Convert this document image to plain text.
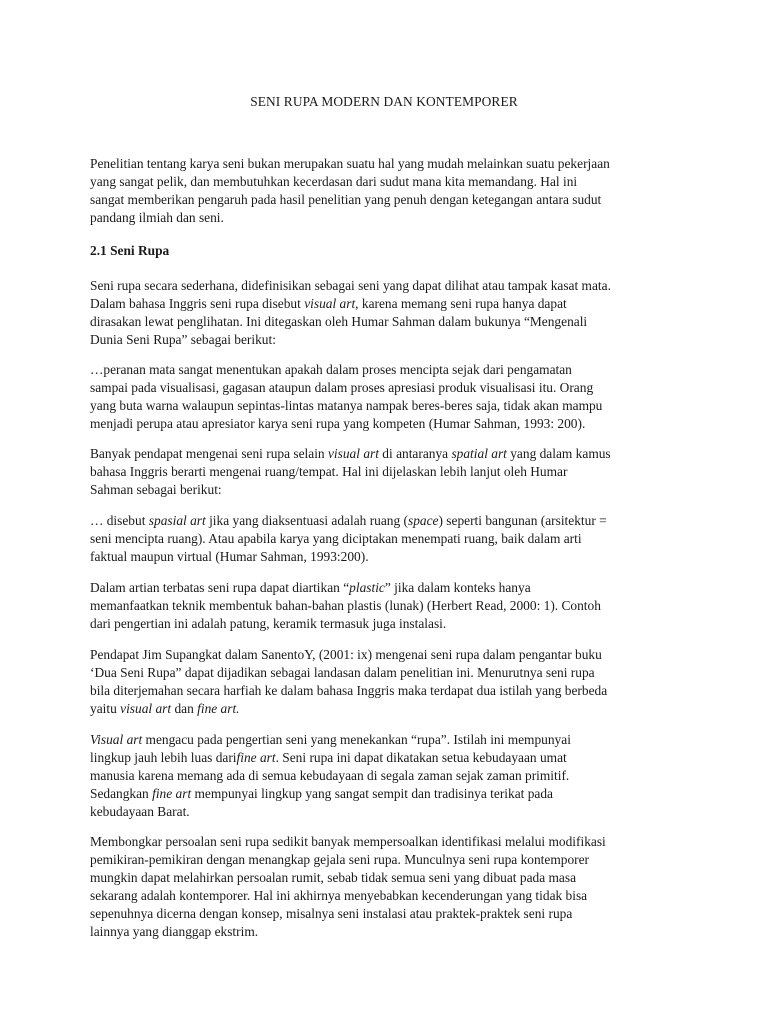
SENI RUPA MODERN DAN KONTEMPORER

Penelitian tentang karya seni bukan merupakan suatu hal yang mudah melainkan suatu pekerjaan
yang sangat pelik, dan membutuhkan kecerdasan dari sudut mana kita memandang. Hal ini
sangat memberikan pengaruh pada hasil penelitian yang penuh dengan ketegangan antara sudut
pandang ilmiah dan seni.

2.1 Seni Rupa

Seni rupa secara sederhana, didefinisikan sebagai seni yang dapat dilihat atau tampak kasat mata.
Dalam bahasa Inggris seni rupa disebut visual art, karena memang seni rupa hanya dapat
dirasakan lewat penglihatan. Ini ditegaskan oleh Humar Sahman dalam bukunya “Mengenali
Dunia Seni Rupa” sebagai berikut:

…peranan mata sangat menentukan apakah dalam proses mencipta sejak dari pengamatan
sampai pada visualisasi, gagasan ataupun dalam proses apresiasi produk visualisasi itu. Orang
yang buta warna walaupun sepintas-lintas matanya nampak beres-beres saja, tidak akan mampu
menjadi perupa atau apresiator karya seni rupa yang kompeten (Humar Sahman, 1993: 200).

Banyak pendapat mengenai seni rupa selain visual art di antaranya spatial art yang dalam kamus
bahasa Inggris berarti mengenai ruang/tempat. Hal ini dijelaskan lebih lanjut oleh Humar
Sahman sebagai berikut:

… disebut spasial art jika yang diaksentuasi adalah ruang (space) seperti bangunan (arsitektur =
seni mencipta ruang). Atau apabila karya yang diciptakan menempati ruang, baik dalam arti
faktual maupun virtual (Humar Sahman, 1993:200).

Dalam artian terbatas seni rupa dapat diartikan “plastic” jika dalam konteks hanya
memanfaatkan teknik membentuk bahan-bahan plastis (lunak) (Herbert Read, 2000: 1). Contoh
dari pengertian ini adalah patung, keramik termasuk juga instalasi.

Pendapat Jim Supangkat dalam SanentoY, (2001: ix) mengenai seni rupa dalam pengantar buku
‘Dua Seni Rupa” dapat dijadikan sebagai landasan dalam penelitian ini. Menurutnya seni rupa
bila diterjemahan secara harfiah ke dalam bahasa Inggris maka terdapat dua istilah yang berbeda
yaitu visual art dan fine art.

Visual art mengacu pada pengertian seni yang menekankan “rupa”. Istilah ini mempunyai
lingkup jauh lebih luas darifine art. Seni rupa ini dapat dikatakan setua kebudayaan umat
manusia karena memang ada di semua kebudayaan di segala zaman sejak zaman primitif.
Sedangkan fine art mempunyai lingkup yang sangat sempit dan tradisinya terikat pada
kebudayaan Barat.

Membongkar persoalan seni rupa sedikit banyak mempersoalkan identifikasi melalui modifikasi
pemikiran-pemikiran dengan menangkap gejala seni rupa. Munculnya seni rupa kontemporer
mungkin dapat melahirkan persoalan rumit, sebab tidak semua seni yang dibuat pada masa
sekarang adalah kontemporer. Hal ini akhirnya menyebabkan kecenderungan yang tidak bisa
sepenuhnya dicerna dengan konsep, misalnya seni instalasi atau praktek-praktek seni rupa
lainnya yang dianggap ekstrim.
